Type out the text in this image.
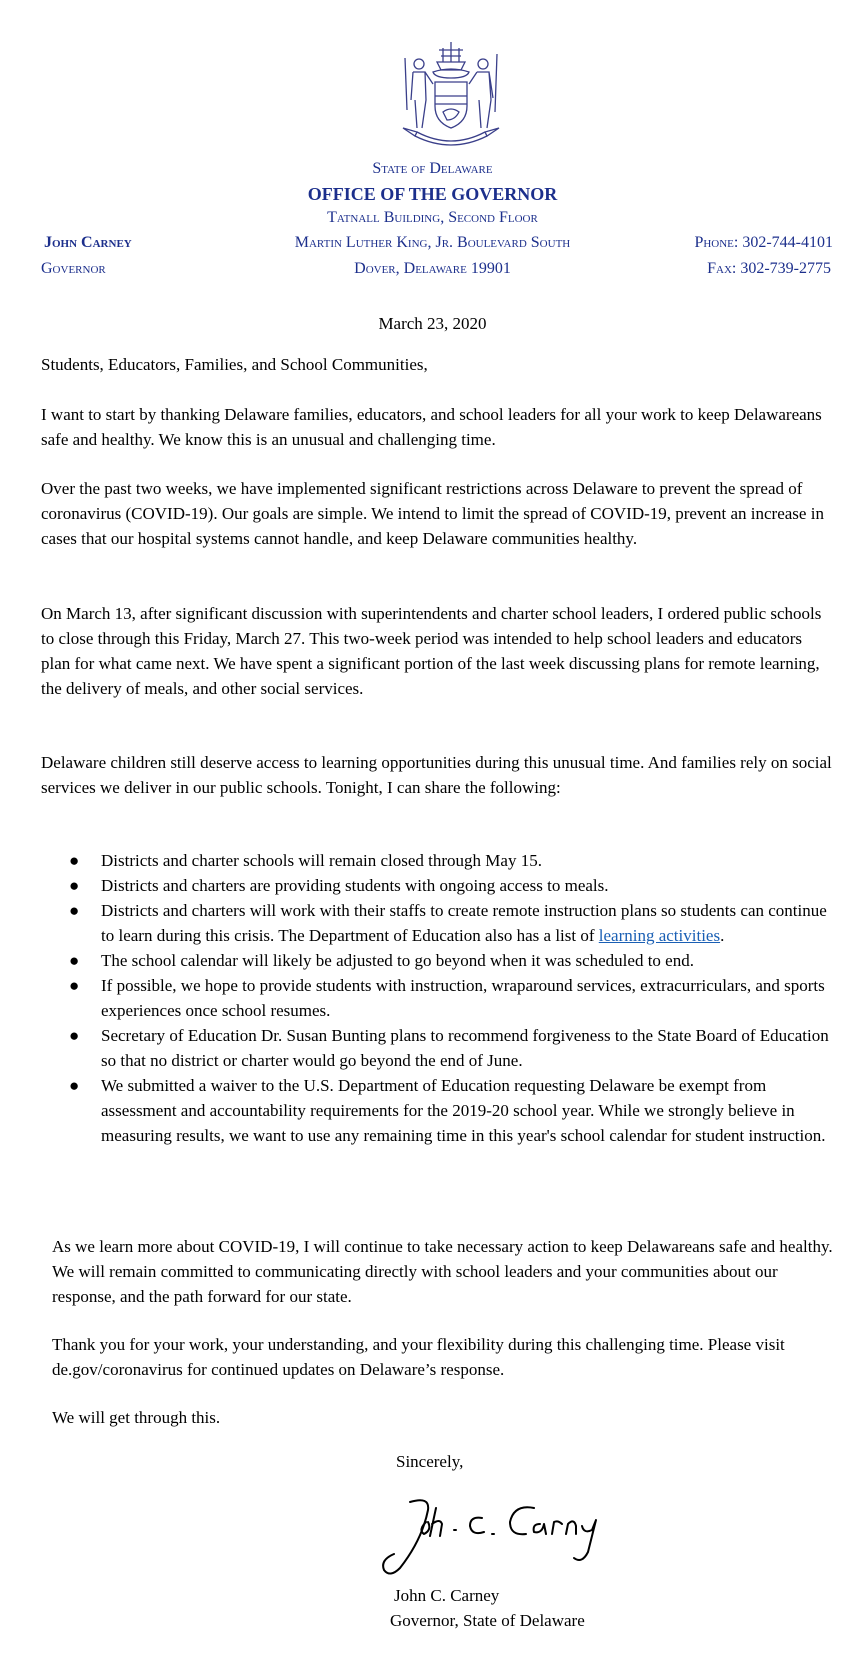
State of Delaware
OFFICE OF THE GOVERNOR
Tatnall Building, Second Floor
Martin Luther King, Jr. Boulevard South
Dover, Delaware 19901
John Carney
Governor
Phone: 302-744-4101
Fax: 302-739-2775
March 23, 2020
Students, Educators, Families, and School Communities,
I want to start by thanking Delaware families, educators, and school leaders for all your work to keep Delawareans safe and healthy. We know this is an unusual and challenging time.
Over the past two weeks, we have implemented significant restrictions across Delaware to prevent the spread of coronavirus (COVID-19). Our goals are simple. We intend to limit the spread of COVID-19, prevent an increase in cases that our hospital systems cannot handle, and keep Delaware communities healthy.
On March 13, after significant discussion with superintendents and charter school leaders, I ordered public schools to close through this Friday, March 27. This two-week period was intended to help school leaders and educators plan for what came next. We have spent a significant portion of the last week discussing plans for remote learning, the delivery of meals, and other social services.
Delaware children still deserve access to learning opportunities during this unusual time. And families rely on social services we deliver in our public schools. Tonight, I can share the following:
● Districts and charter schools will remain closed through May 15.
● Districts and charters are providing students with ongoing access to meals.
● Districts and charters will work with their staffs to create remote instruction plans so students can continue to learn during this crisis. The Department of Education also has a list of learning activities.
● The school calendar will likely be adjusted to go beyond when it was scheduled to end.
● If possible, we hope to provide students with instruction, wraparound services, extracurriculars, and sports experiences once school resumes.
● Secretary of Education Dr. Susan Bunting plans to recommend forgiveness to the State Board of Education so that no district or charter would go beyond the end of June.
● We submitted a waiver to the U.S. Department of Education requesting Delaware be exempt from assessment and accountability requirements for the 2019-20 school year. While we strongly believe in measuring results, we want to use any remaining time in this year's school calendar for student instruction.
As we learn more about COVID-19, I will continue to take necessary action to keep Delawareans safe and healthy. We will remain committed to communicating directly with school leaders and your communities about our response, and the path forward for our state.
Thank you for your work, your understanding, and your flexibility during this challenging time. Please visit de.gov/coronavirus for continued updates on Delaware’s response.
We will get through this.
Sincerely,
John C. Carney
Governor, State of Delaware
